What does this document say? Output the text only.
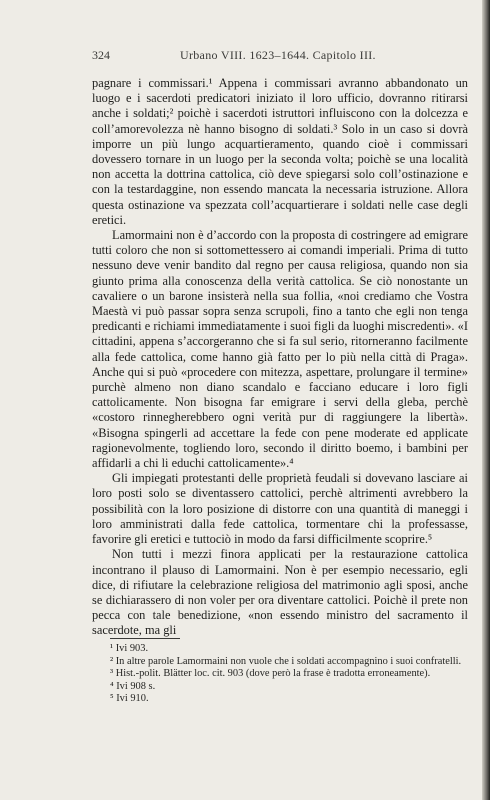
324	Urbano VIII. 1623–1644. Capitolo III.

pagnare i commissari.¹ Appena i commissari avranno abbandonato un luogo e i sacerdoti predicatori iniziato il loro ufficio, dovranno ritirarsi anche i soldati;² poichè i sacerdoti istruttori influiscono con la dolcezza e coll’amorevolezza nè hanno bisogno di soldati.³ Solo in un caso si dovrà imporre un più lungo acquartieramento, quando cioè i commissari dovessero tornare in un luogo per la seconda volta; poichè se una località non accetta la dottrina cattolica, ciò deve spiegarsi solo coll’ostinazione e con la testardaggine, non essendo mancata la necessaria istruzione. Allora questa ostinazione va spezzata coll’acquartierare i soldati nelle case degli eretici.

Lamormaini non è d’accordo con la proposta di costringere ad emigrare tutti coloro che non si sottomettessero ai comandi imperiali. Prima di tutto nessuno deve venir bandito dal regno per causa religiosa, quando non sia giunto prima alla conoscenza della verità cattolica. Se ciò nonostante un cavaliere o un barone insisterà nella sua follia, «noi crediamo che Vostra Maestà vi può passar sopra senza scrupoli, fino a tanto che egli non tenga predicanti e richiami immediatamente i suoi figli da luoghi miscredenti». «I cittadini, appena s’accorgeranno che si fa sul serio, ritorneranno facilmente alla fede cattolica, come hanno già fatto per lo più nella città di Praga». Anche qui si può «procedere con mitezza, aspettare, prolungare il termine» purchè almeno non diano scandalo e facciano educare i loro figli cattolicamente. Non bisogna far emigrare i servi della gleba, perchè «costoro rinnegherebbero ogni verità pur di raggiungere la libertà». «Bisogna spingerli ad accettare la fede con pene moderate ed applicate ragionevolmente, togliendo loro, secondo il diritto boemo, i bambini per affidarli a chi li educhi cattolicamente».⁴

Gli impiegati protestanti delle proprietà feudali si dovevano lasciare ai loro posti solo se diventassero cattolici, perchè altrimenti avrebbero la possibilità con la loro posizione di distorre con una quantità di maneggi i loro amministrati dalla fede cattolica, tormentare chi la professasse, favorire gli eretici e tuttociò in modo da farsi difficilmente scoprire.⁵

Non tutti i mezzi finora applicati per la restaurazione cattolica incontrano il plauso di Lamormaini. Non è per esempio necessario, egli dice, di rifiutare la celebrazione religiosa del matrimonio agli sposi, anche se dichiarassero di non voler per ora diventare cattolici. Poichè il prete non pecca con tale benedizione, «non essendo ministro del sacramento il sacerdote, ma gli

¹ Ivi 903.

² In altre parole Lamormaini non vuole che i soldati accompagnino i suoi confratelli.

³ Hist.-polit. Blätter loc. cit. 903 (dove però la frase è tradotta erroneamente).

⁴ Ivi 908 s.

⁵ Ivi 910.
